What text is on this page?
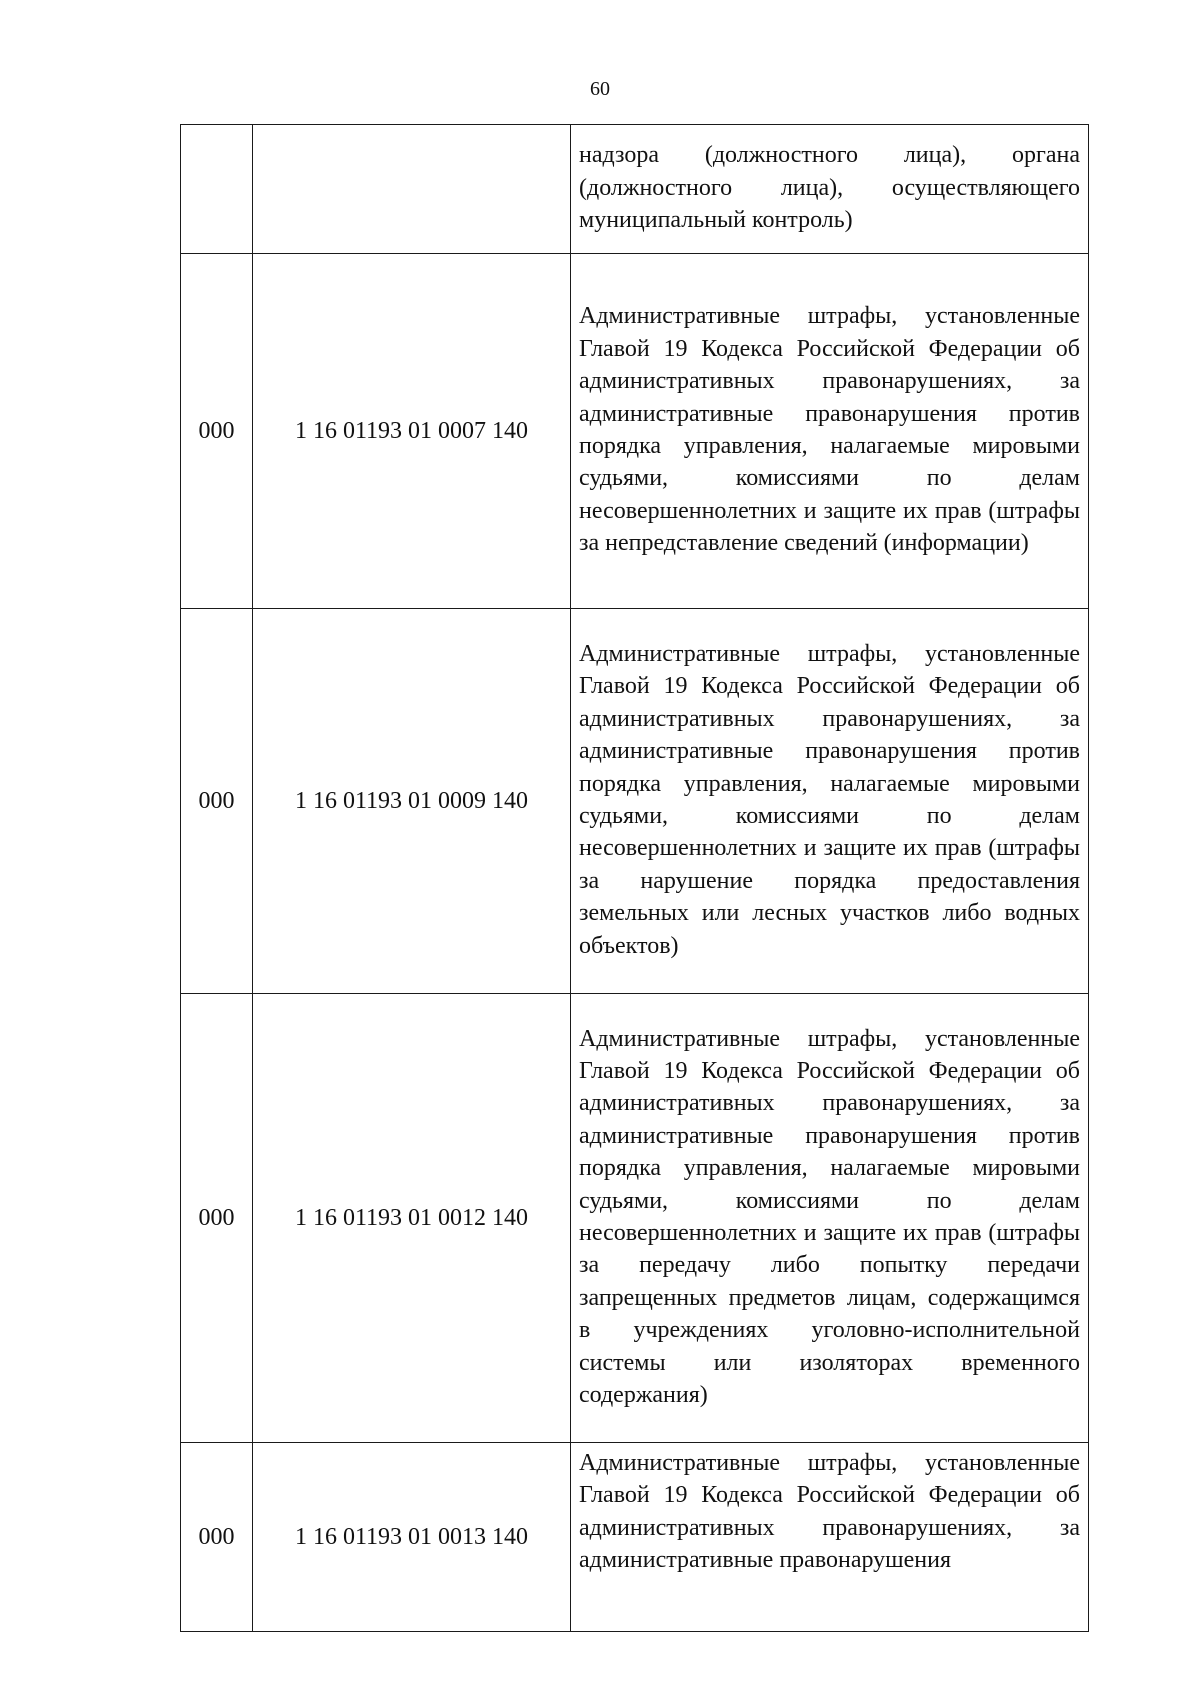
60
		надзора (должностного лица), органа (должностного лица), осуществляющего муниципальный контроль)
000	1 16 01193 01 0007 140	Административные штрафы, установленные Главой 19 Кодекса Российской Федерации об административных правонарушениях, за административные правонарушения против порядка управления, налагаемые мировыми судьями, комиссиями по делам несовершеннолетних и защите их прав (штрафы за непредставление сведений (информации)
000	1 16 01193 01 0009 140	Административные штрафы, установленные Главой 19 Кодекса Российской Федерации об административных правонарушениях, за административные правонарушения против порядка управления, налагаемые мировыми судьями, комиссиями по делам несовершеннолетних и защите их прав (штрафы за нарушение порядка предоставления земельных или лесных участков либо водных объектов)
000	1 16 01193 01 0012 140	Административные штрафы, установленные Главой 19 Кодекса Российской Федерации об административных правонарушениях, за административные правонарушения против порядка управления, налагаемые мировыми судьями, комиссиями по делам несовершеннолетних и защите их прав (штрафы за передачу либо попытку передачи запрещенных предметов лицам, содержащимся в учреждениях уголовно-исполнительной системы или изоляторах временного содержания)
000	1 16 01193 01 0013 140	Административные штрафы, установленные Главой 19 Кодекса Российской Федерации об административных правонарушениях, за административные правонарушения
